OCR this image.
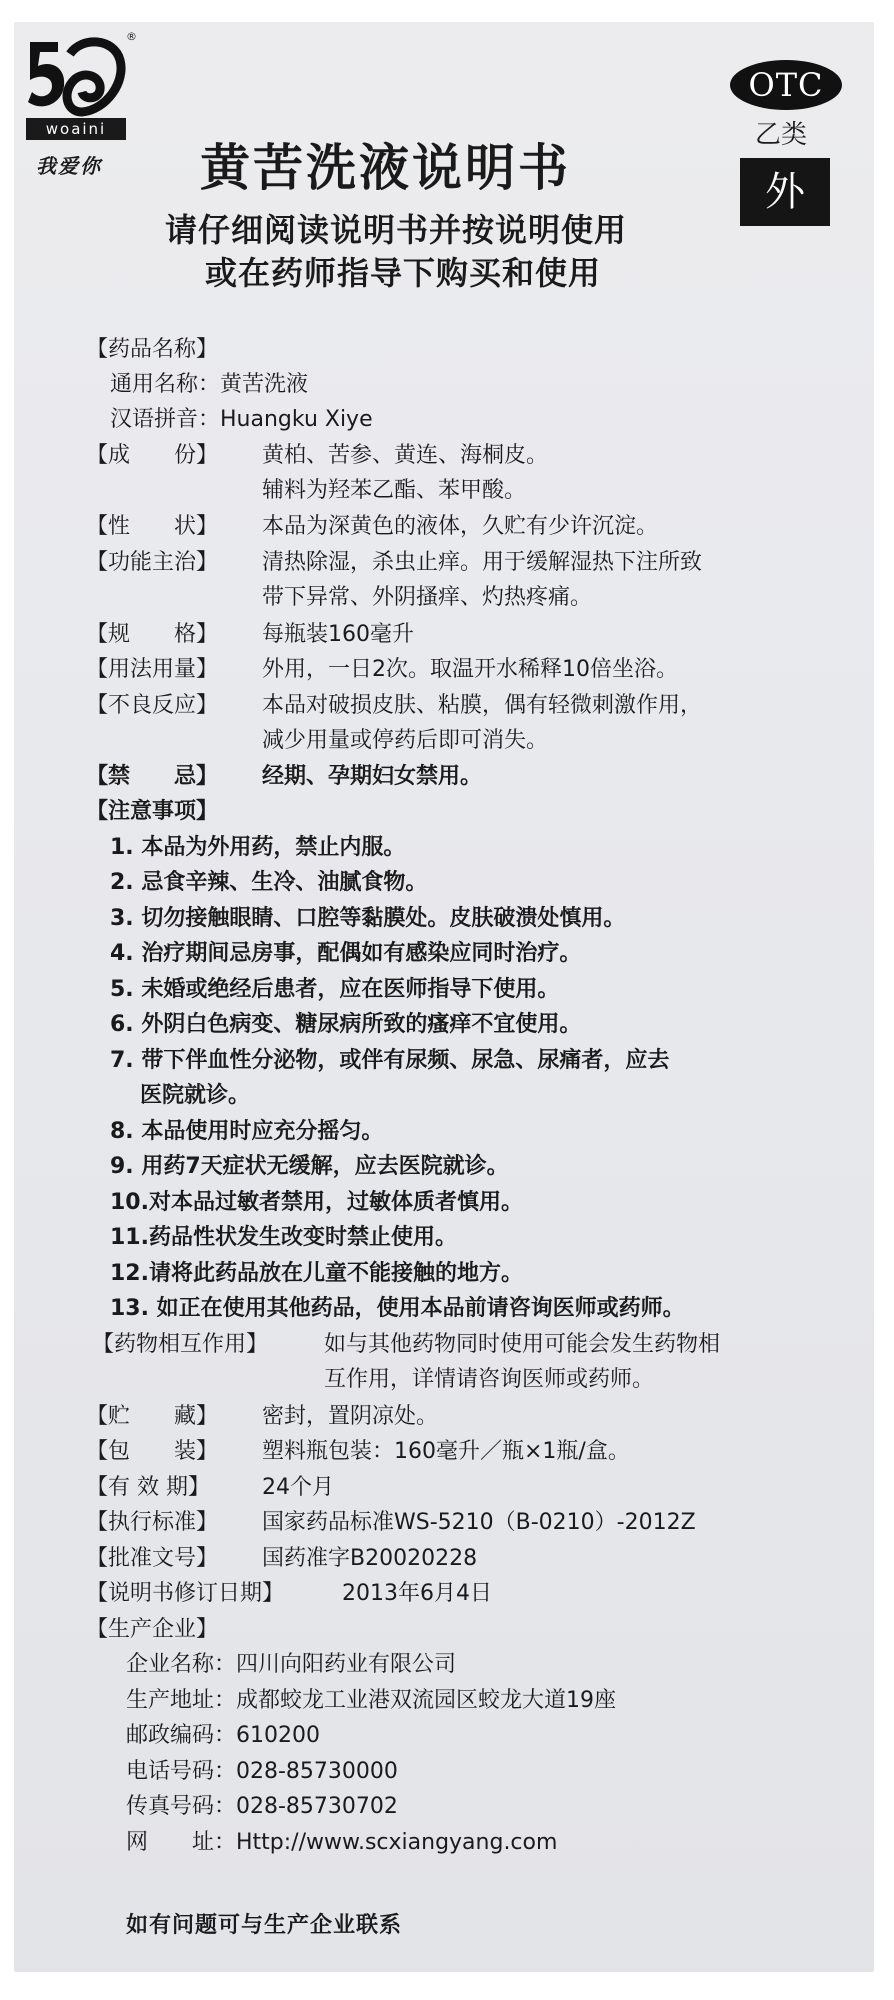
®
woaini
我爱你
OTC
乙类
外
黄苦洗液说明书
请仔细阅读说明书并按说明使用
或在药师指导下购买和使用
【药品名称】
通用名称：黄苦洗液
汉语拼音：Huangku Xiye
【成　　份】 黄柏、苦参、黄连、海桐皮。
辅料为羟苯乙酯、苯甲酸。
【性　　状】 本品为深黄色的液体，久贮有少许沉淀。
【功能主治】 清热除湿，杀虫止痒。用于缓解湿热下注所致
带下异常、外阴搔痒、灼热疼痛。
【规　　格】 每瓶装160毫升
【用法用量】 外用，一日2次。取温开水稀释10倍坐浴。
【不良反应】 本品对破损皮肤、粘膜，偶有轻微刺激作用，
减少用量或停药后即可消失。
【禁　　忌】 经期、孕期妇女禁用。
【注意事项】
1. 本品为外用药，禁止内服。
2. 忌食辛辣、生冷、油腻食物。
3. 切勿接触眼睛、口腔等黏膜处。皮肤破溃处慎用。
4. 治疗期间忌房事，配偶如有感染应同时治疗。
5. 未婚或绝经后患者，应在医师指导下使用。
6. 外阴白色病变、糖尿病所致的瘙痒不宜使用。
7. 带下伴血性分泌物，或伴有尿频、尿急、尿痛者，应去
医院就诊。
8. 本品使用时应充分摇匀。
9. 用药7天症状无缓解，应去医院就诊。
10.对本品过敏者禁用，过敏体质者慎用。
11.药品性状发生改变时禁止使用。
12.请将此药品放在儿童不能接触的地方。
13. 如正在使用其他药品，使用本品前请咨询医师或药师。
【药物相互作用】	如与其他药物同时使用可能会发生药物相
互作用，详情请咨询医师或药师。
【贮　　藏】 密封，置阴凉处。
【包　　装】 塑料瓶包装：160毫升／瓶×1瓶/盒。
【有 效 期】 24个月
【执行标准】 国家药品标准WS-5210（B-0210）-2012Z
【批准文号】 国药准字B20020228
【说明书修订日期】	2013年6月4日
【生产企业】
企业名称：四川向阳药业有限公司
生产地址：成都蛟龙工业港双流园区蛟龙大道19座
邮政编码：610200
电话号码：028-85730000
传真号码：028-85730702
网　　址：Http://www.scxiangyang.com
如有问题可与生产企业联系
